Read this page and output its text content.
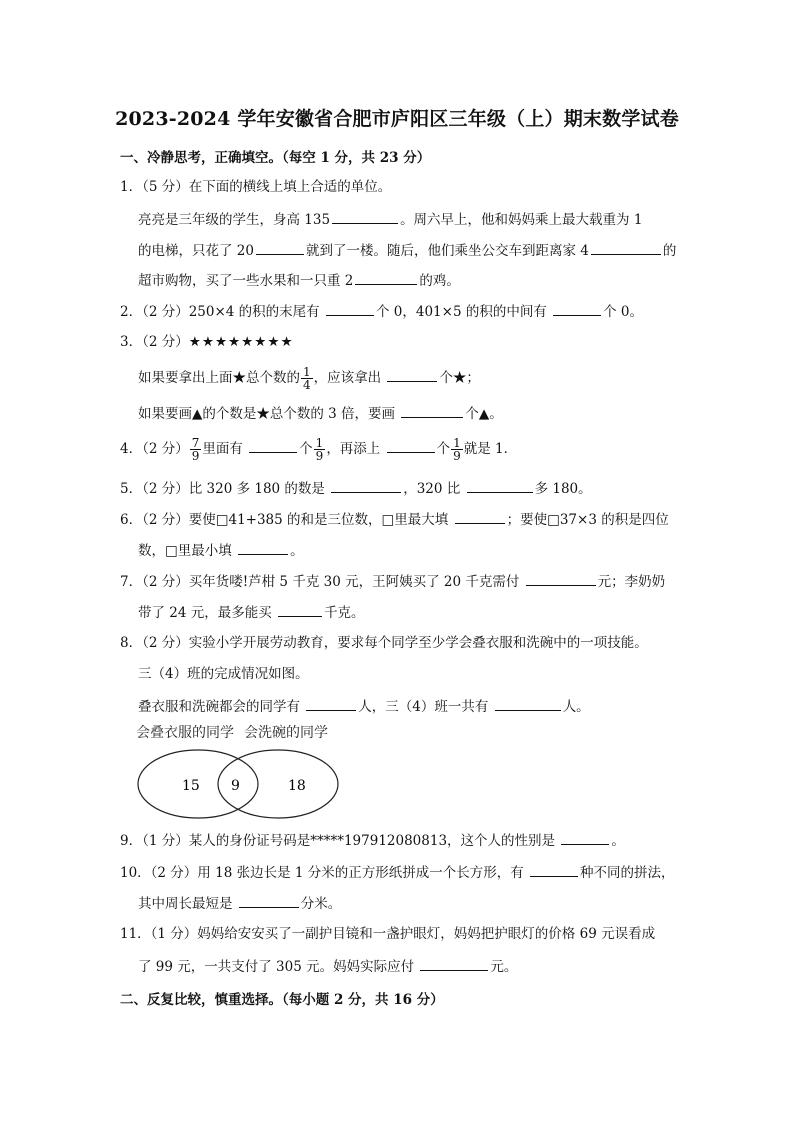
2023-2024 学年安徽省合肥市庐阳区三年级（上）期末数学试卷
一、冷静思考，正确填空。（每空 1 分，共 23 分）
1．（5 分）在下面的横线上填上合适的单位。
亮亮是三年级的学生，身高 135	。周六早上，他和妈妈乘上最大载重为 1
的电梯，只花了 20	就到了一楼。随后，他们乘坐公交车到距离家 4	的
超市购物，买了一些水果和一只重 2	的鸡。
2．（2 分）250×4 的积的末尾有	个 0，401×5 的积的中间有	个 0。
3．（2 分）★★★★★★★★
如果要拿出上面★总个数的 $\frac{1}{4}$ ，应该拿出	个★；
如果要画▲的个数是★总个数的 3 倍，要画	个▲。
4．（2 分） $\frac{7}{9}$ 里面有	个 $\frac{1}{9}$ ，再添上	个 $\frac{1}{9}$ 就是 1．
5．（2 分）比 320 多 180 的数是	，320 比	多 180。
6．（2 分）要使□41+385 的和是三位数，□里最大填	；要使□37×3 的积是四位
数，□里最小填	。
7．（2 分）买年货喽!芦柑 5 千克 30 元，王阿姨买了 20 千克需付	元；李奶奶
带了 24 元，最多能买	千克。
8．（2 分）实验小学开展劳动教育，要求每个同学至少学会叠衣服和洗碗中的一项技能。
三（4）班的完成情况如图。
叠衣服和洗碗都会的同学有	人，三（4）班一共有	人。
会叠衣服的同学 会洗碗的同学
15 9	18
9．（1 分）某人的身份证号码是*****197912080813，这个人的性别是	。
10．（2 分）用 18 张边长是 1 分米的正方形纸拼成一个长方形，有	种不同的拼法，
其中周长最短是	分米。
11．（1 分）妈妈给安安买了一副护目镜和一盏护眼灯，妈妈把护眼灯的价格 69 元误看成
了 99 元，一共支付了 305 元。妈妈实际应付	元。
二、反复比较，慎重选择。（每小题 2 分，共 16 分）
